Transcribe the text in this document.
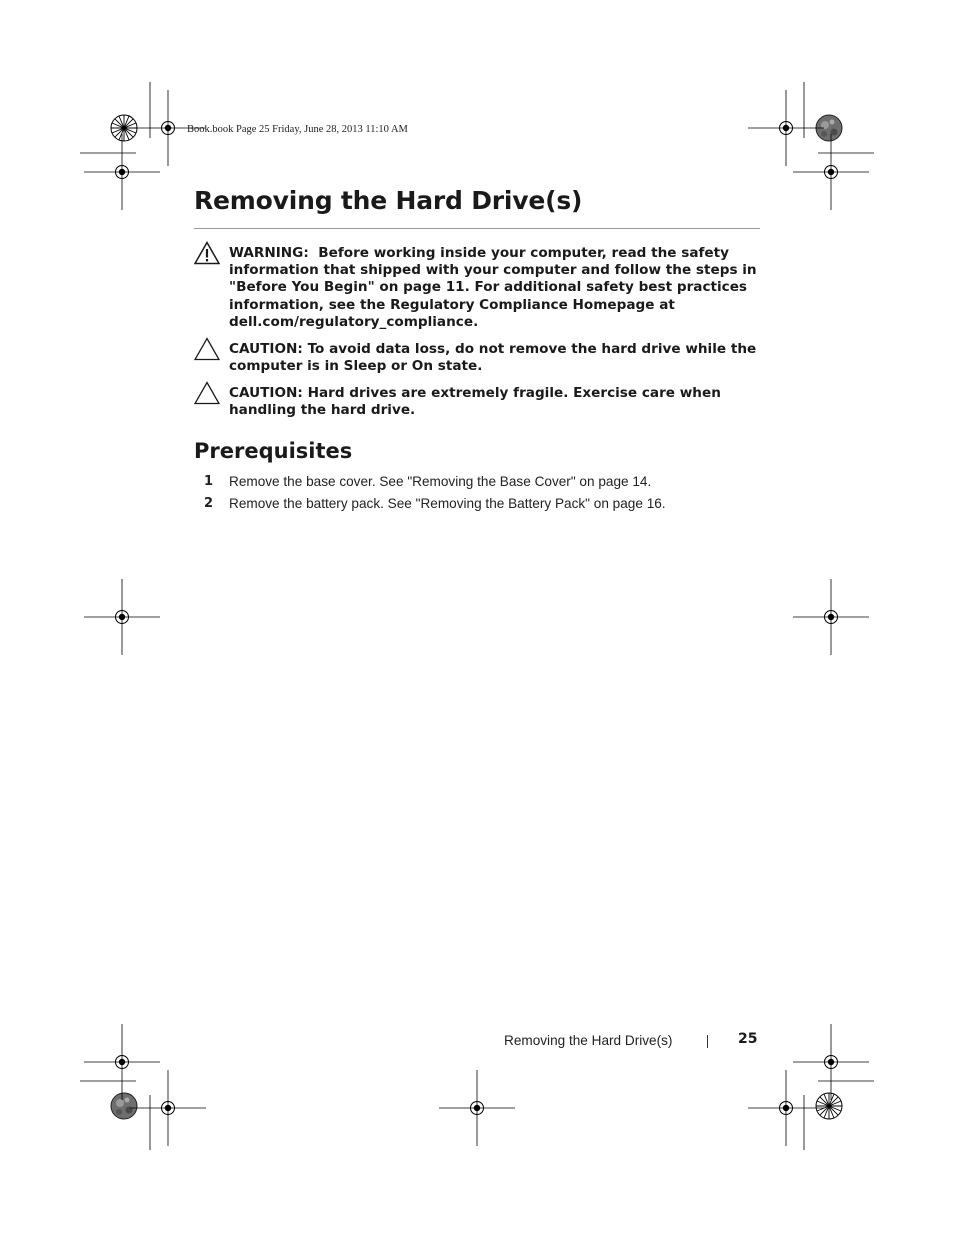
Book.book Page 25 Friday, June 28, 2013 11:10 AM
Removing the Hard Drive(s)
WARNING: Before working inside your computer, read the safety information that shipped with your computer and follow the steps in "Before You Begin" on page 11. For additional safety best practices information, see the Regulatory Compliance Homepage at dell.com/regulatory_compliance.
CAUTION: To avoid data loss, do not remove the hard drive while the computer is in Sleep or On state.
CAUTION: Hard drives are extremely fragile. Exercise care when handling the hard drive.
Prerequisites
1 Remove the base cover. See "Removing the Base Cover" on page 14.
2 Remove the battery pack. See "Removing the Battery Pack" on page 16.
Removing the Hard Drive(s)	25
